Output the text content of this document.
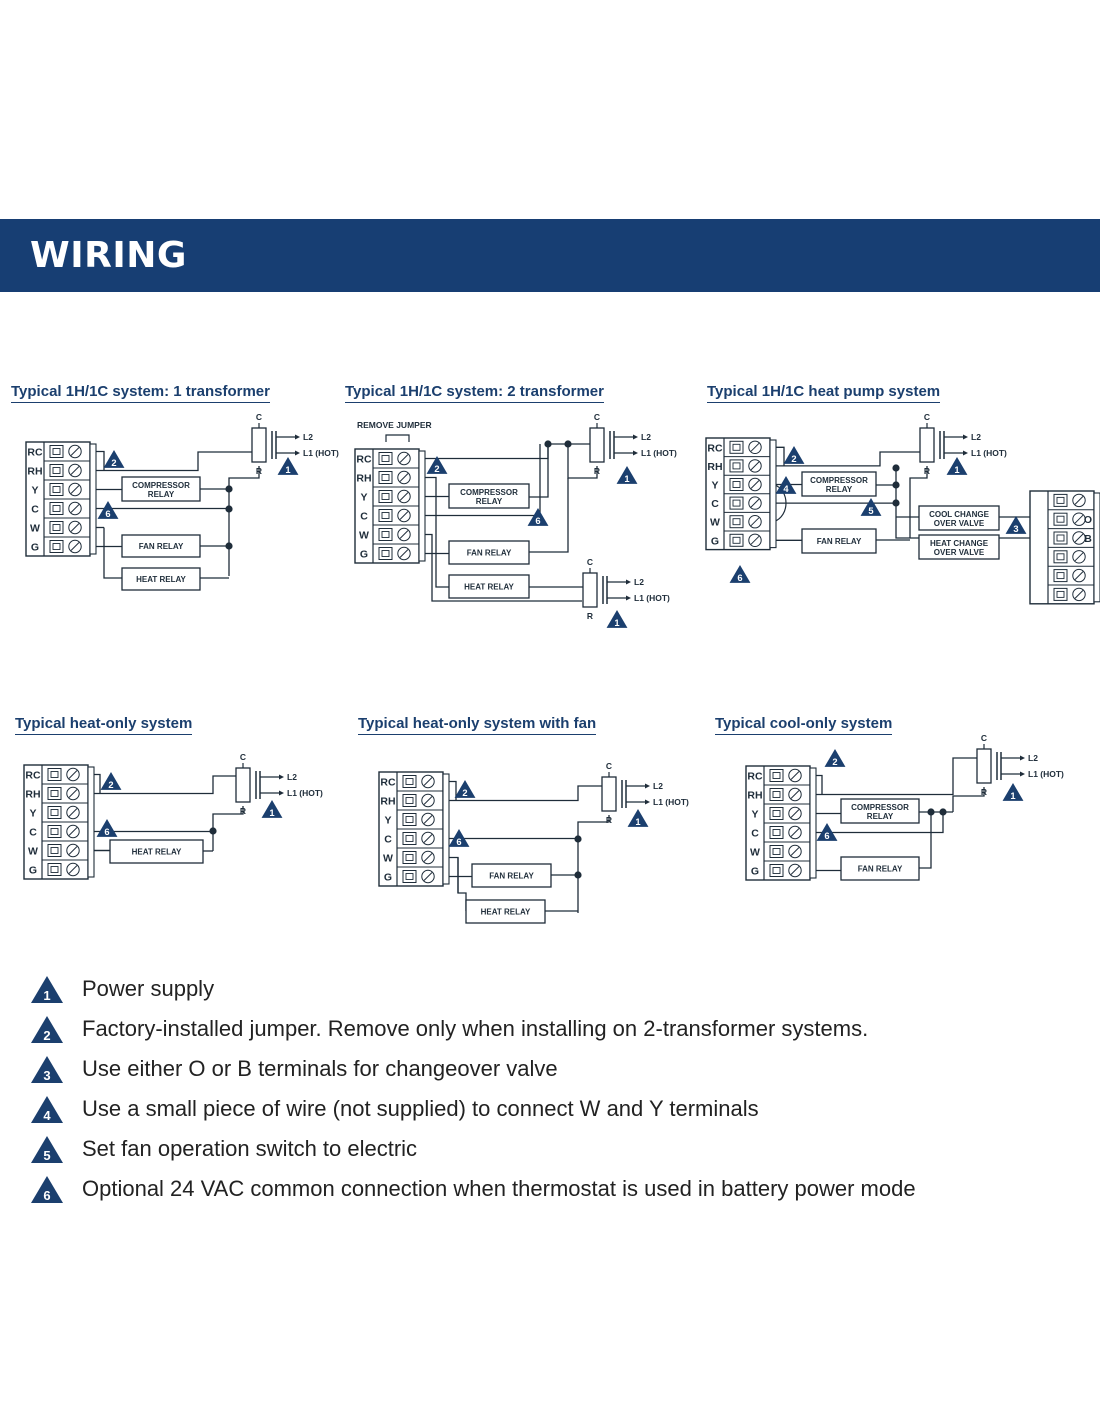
WIRING
Typical 1H/1C system: 1 transformer	Typical 1H/1C system: 2 transformer	Typical 1H/1C heat pump system
Typical heat-only system	Typical heat-only system with fan	Typical cool-only system
RC
RH
Y
C
W
G
L2
L1 (HOT)
C
R
COMPRESSOR
RELAY
FAN RELAY
HEAT RELAY
2
6
1
REMOVE JUMPER
RC
RH
Y
C
W
G
L2
L1 (HOT)
C
R
L2
L1 (HOT)
C
R
COMPRESSOR
RELAY
FAN RELAY
HEAT RELAY
2
6
1
1
RC
RH
Y
C
W
G
L2
L1 (HOT)
C
R
COMPRESSOR
RELAY
FAN RELAY
COOL CHANGE
OVER VALVE
HEAT CHANGE
OVER VALVE
O
B
2
4
5
1
3
6
RC
RH
Y
C
W
G
L2
L1 (HOT)
C
R
HEAT RELAY
2
6
1
RC
RH
Y
C
W
G
L2
L1 (HOT)
C
R
FAN RELAY
HEAT RELAY
2
6
1
RC
RH
Y
C
W
G
L2
L1 (HOT)
C
R
COMPRESSOR
RELAY
FAN RELAY
2
6
1
1 Power supply
2 Factory-installed jumper. Remove only when installing on 2-transformer systems.
3 Use either O or B terminals for changeover valve
4 Use a small piece of wire (not supplied) to connect W and Y terminals
5 Set fan operation switch to electric
6 Optional 24 VAC common connection when thermostat is used in battery power mode
